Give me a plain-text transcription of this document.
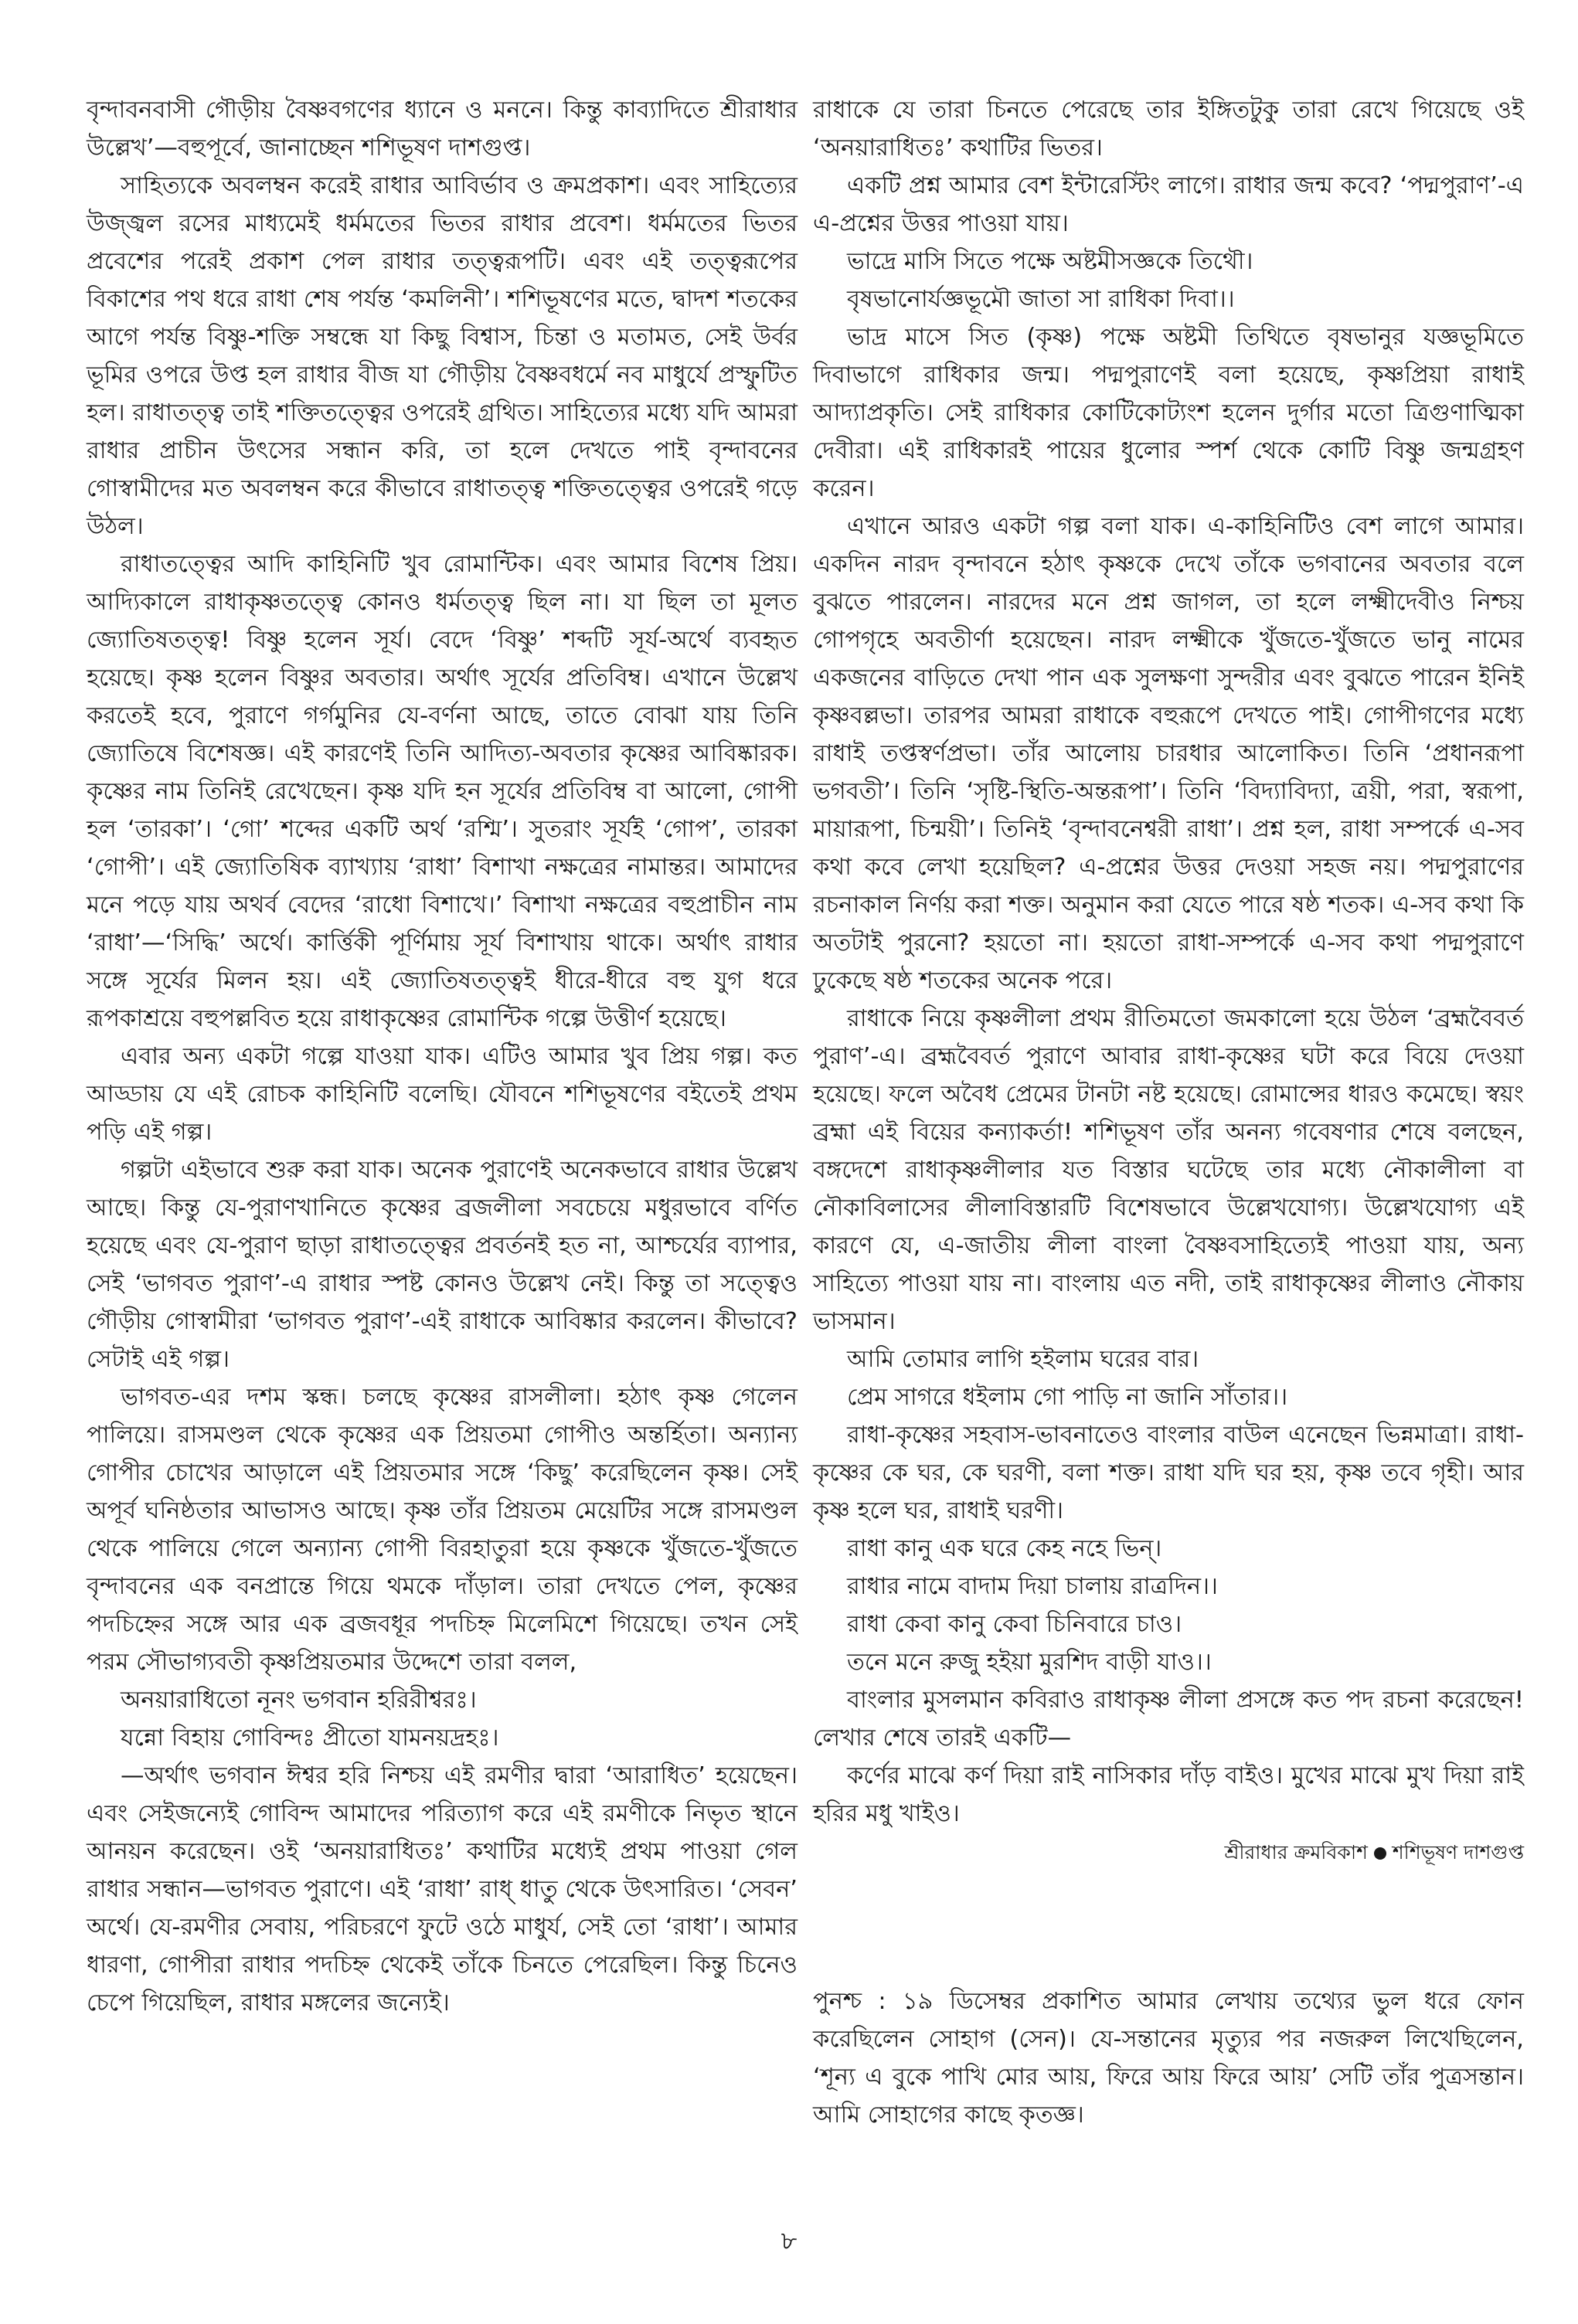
বৃন্দাবনবাসী গৌড়ীয় বৈষ্ণবগণের ধ্যানে ও মননে। কিন্তু কাব্যাদিতে শ্রীরাধার উল্লেখ’—বহুপূর্বে, জানাচ্ছেন শশিভূষণ দাশগুপ্ত।

সাহিত্যকে অবলম্বন করেই রাধার আবির্ভাব ও ক্রমপ্রকাশ। এবং সাহিত্যের উজ্জ্বল রসের মাধ্যমেই ধর্মমতের ভিতর রাধার প্রবেশ। ধর্মমতের ভিতর প্রবেশের পরেই প্রকাশ পেল রাধার তত্ত্বরূপটি। এবং এই তত্ত্বরূপের বিকাশের পথ ধরে রাধা শেষ পর্যন্ত ‘কমলিনী’। শশিভূষণের মতে, দ্বাদশ শতকের আগে পর্যন্ত বিষ্ণু-শক্তি সম্বন্ধে যা কিছু বিশ্বাস, চিন্তা ও মতামত, সেই উর্বর ভূমির ওপরে উপ্ত হল রাধার বীজ যা গৌড়ীয় বৈষ্ণবধর্মে নব মাধুর্যে প্রস্ফুটিত হল। রাধাতত্ত্ব তাই শক্তিতত্ত্বের ওপরেই গ্রথিত। সাহিত্যের মধ্যে যদি আমরা রাধার প্রাচীন উৎসের সন্ধান করি, তা হলে দেখতে পাই বৃন্দাবনের গোস্বামীদের মত অবলম্বন করে কীভাবে রাধাতত্ত্ব শক্তিতত্ত্বের ওপরেই গড়ে উঠল।

রাধাতত্ত্বের আদি কাহিনিটি খুব রোমান্টিক। এবং আমার বিশেষ প্রিয়। আদ্যিকালে রাধাকৃষ্ণতত্ত্বে কোনও ধর্মতত্ত্ব ছিল না। যা ছিল তা মূলত জ্যোতিষতত্ত্ব! বিষ্ণু হলেন সূর্য। বেদে ‘বিষ্ণু’ শব্দটি সূর্য-অর্থে ব্যবহৃত হয়েছে। কৃষ্ণ হলেন বিষ্ণুর অবতার। অর্থাৎ সূর্যের প্রতিবিম্ব। এখানে উল্লেখ করতেই হবে, পুরাণে গর্গমুনির যে-বর্ণনা আছে, তাতে বোঝা যায় তিনি জ্যোতিষে বিশেষজ্ঞ। এই কারণেই তিনি আদিত্য-অবতার কৃষ্ণের আবিষ্কারক। কৃষ্ণের নাম তিনিই রেখেছেন। কৃষ্ণ যদি হন সূর্যের প্রতিবিম্ব বা আলো, গোপী হল ‘তারকা’। ‘গো’ শব্দের একটি অর্থ ‘রশ্মি’। সুতরাং সূর্যই ‘গোপ’, তারকা ‘গোপী’। এই জ্যোতিষিক ব্যাখ্যায় ‘রাধা’ বিশাখা নক্ষত্রের নামান্তর। আমাদের মনে পড়ে যায় অথর্ব বেদের ‘রাধো বিশাখে।’ বিশাখা নক্ষত্রের বহুপ্রাচীন নাম ‘রাধা’—‘সিদ্ধি’ অর্থে। কার্ত্তিকী পূর্ণিমায় সূর্য বিশাখায় থাকে। অর্থাৎ রাধার সঙ্গে সূর্যের মিলন হয়। এই জ্যোতিষতত্ত্বই ধীরে-ধীরে বহু যুগ ধরে রূপকাশ্রয়ে বহুপল্লবিত হয়ে রাধাকৃষ্ণের রোমান্টিক গল্পে উত্তীর্ণ হয়েছে।

এবার অন্য একটা গল্পে যাওয়া যাক। এটিও আমার খুব প্রিয় গল্প। কত আড্ডায় যে এই রোচক কাহিনিটি বলেছি। যৌবনে শশিভূষণের বইতেই প্রথম পড়ি এই গল্প।

গল্পটা এইভাবে শুরু করা যাক। অনেক পুরাণেই অনেকভাবে রাধার উল্লেখ আছে। কিন্তু যে-পুরাণখানিতে কৃষ্ণের ব্রজলীলা সবচেয়ে মধুরভাবে বর্ণিত হয়েছে এবং যে-পুরাণ ছাড়া রাধাতত্ত্বের প্রবর্তনই হত না, আশ্চর্যের ব্যাপার, সেই ‘ভাগবত পুরাণ’-এ রাধার স্পষ্ট কোনও উল্লেখ নেই। কিন্তু তা সত্ত্বেও গৌড়ীয় গোস্বামীরা ‘ভাগবত পুরাণ’-এই রাধাকে আবিষ্কার করলেন। কীভাবে? সেটাই এই গল্প।

ভাগবত-এর দশম স্কন্ধ। চলছে কৃষ্ণের রাসলীলা। হঠাৎ কৃষ্ণ গেলেন পালিয়ে। রাসমণ্ডল থেকে কৃষ্ণের এক প্রিয়তমা গোপীও অন্তর্হিতা। অন্যান্য গোপীর চোখের আড়ালে এই প্রিয়তমার সঙ্গে ‘কিছু’ করেছিলেন কৃষ্ণ। সেই অপূর্ব ঘনিষ্ঠতার আভাসও আছে। কৃষ্ণ তাঁর প্রিয়তম মেয়েটির সঙ্গে রাসমণ্ডল থেকে পালিয়ে গেলে অন্যান্য গোপী বিরহাতুরা হয়ে কৃষ্ণকে খুঁজতে-খুঁজতে বৃন্দাবনের এক বনপ্রান্তে গিয়ে থমকে দাঁড়াল। তারা দেখতে পেল, কৃষ্ণের পদচিহ্নের সঙ্গে আর এক ব্রজবধূর পদচিহ্ন মিলেমিশে গিয়েছে। তখন সেই পরম সৌভাগ্যবতী কৃষ্ণপ্রিয়তমার উদ্দেশে তারা বলল,

অনয়ারাধিতো নূনং ভগবান হরিরীশ্বরঃ।

যন্নো বিহায় গোবিন্দঃ প্রীতো যামনয়দ্রহঃ।

—অর্থাৎ ভগবান ঈশ্বর হরি নিশ্চয় এই রমণীর দ্বারা ‘আরাধিত’ হয়েছেন। এবং সেইজন্যেই গোবিন্দ আমাদের পরিত্যাগ করে এই রমণীকে নিভৃত স্থানে আনয়ন করেছেন। ওই ‘অনয়ারাধিতঃ’ কথাটির মধ্যেই প্রথম পাওয়া গেল রাধার সন্ধান—ভাগবত পুরাণে। এই ‘রাধা’ রাধ্ ধাতু থেকে উৎসারিত। ‘সেবন’ অর্থে। যে-রমণীর সেবায়, পরিচরণে ফুটে ওঠে মাধুর্য, সেই তো ‘রাধা’। আমার ধারণা, গোপীরা রাধার পদচিহ্ন থেকেই তাঁকে চিনতে পেরেছিল। কিন্তু চিনেও চেপে গিয়েছিল, রাধার মঙ্গলের জন্যেই।

রাধাকে যে তারা চিনতে পেরেছে তার ইঙ্গিতটুকু তারা রেখে গিয়েছে ওই ‘অনয়ারাধিতঃ’ কথাটির ভিতর।

একটি প্রশ্ন আমার বেশ ইন্টারেস্টিং লাগে। রাধার জন্ম কবে? ‘পদ্মপুরাণ’-এ এ-প্রশ্নের উত্তর পাওয়া যায়।

ভাদ্রে মাসি সিতে পক্ষে অষ্টমীসজ্ঞকে তিথৌ।

বৃষভানোর্যজ্ঞভূমৌ জাতা সা রাধিকা দিবা।।

ভাদ্র মাসে সিত (কৃষ্ণ) পক্ষে অষ্টমী তিথিতে বৃষভানুর যজ্ঞভূমিতে দিবাভাগে রাধিকার জন্ম। পদ্মপুরাণেই বলা হয়েছে, কৃষ্ণপ্রিয়া রাধাই আদ্যাপ্রকৃতি। সেই রাধিকার কোটিকোট্যংশ হলেন দুর্গার মতো ত্রিগুণাত্মিকা দেবীরা। এই রাধিকারই পায়ের ধুলোর স্পর্শ থেকে কোটি বিষ্ণু জন্মগ্রহণ করেন।

এখানে আরও একটা গল্প বলা যাক। এ-কাহিনিটিও বেশ লাগে আমার। একদিন নারদ বৃন্দাবনে হঠাৎ কৃষ্ণকে দেখে তাঁকে ভগবানের অবতার বলে বুঝতে পারলেন। নারদের মনে প্রশ্ন জাগল, তা হলে লক্ষ্মীদেবীও নিশ্চয় গোপগৃহে অবতীর্ণা হয়েছেন। নারদ লক্ষ্মীকে খুঁজতে-খুঁজতে ভানু নামের একজনের বাড়িতে দেখা পান এক সুলক্ষণা সুন্দরীর এবং বুঝতে পারেন ইনিই কৃষ্ণবল্লভা। তারপর আমরা রাধাকে বহুরূপে দেখতে পাই। গোপীগণের মধ্যে রাধাই তপ্তস্বর্ণপ্রভা। তাঁর আলোয় চারধার আলোকিত। তিনি ‘প্রধানরূপা ভগবতী’। তিনি ‘সৃষ্টি-স্থিতি-অন্তরূপা’। তিনি ‘বিদ্যাবিদ্যা, ত্রয়ী, পরা, স্বরূপা, মায়ারূপা, চিন্ময়ী’। তিনিই ‘বৃন্দাবনেশ্বরী রাধা’। প্রশ্ন হল, রাধা সম্পর্কে এ-সব কথা কবে লেখা হয়েছিল? এ-প্রশ্নের উত্তর দেওয়া সহজ নয়। পদ্মপুরাণের রচনাকাল নির্ণয় করা শক্ত। অনুমান করা যেতে পারে ষষ্ঠ শতক। এ-সব কথা কি অতটাই পুরনো? হয়তো না। হয়তো রাধা-সম্পর্কে এ-সব কথা পদ্মপুরাণে ঢুকেছে ষষ্ঠ শতকের অনেক পরে।

রাধাকে নিয়ে কৃষ্ণলীলা প্রথম রীতিমতো জমকালো হয়ে উঠল ‘ব্রহ্মবৈবর্ত পুরাণ’-এ। ব্রহ্মবৈবর্ত পুরাণে আবার রাধা-কৃষ্ণের ঘটা করে বিয়ে দেওয়া হয়েছে। ফলে অবৈধ প্রেমের টানটা নষ্ট হয়েছে। রোমান্সের ধারও কমেছে। স্বয়ং ব্রহ্মা এই বিয়ের কন্যাকর্তা! শশিভূষণ তাঁর অনন্য গবেষণার শেষে বলছেন, বঙ্গদেশে রাধাকৃষ্ণলীলার যত বিস্তার ঘটেছে তার মধ্যে নৌকালীলা বা নৌকাবিলাসের লীলাবিস্তারটি বিশেষভাবে উল্লেখযোগ্য। উল্লেখযোগ্য এই কারণে যে, এ-জাতীয় লীলা বাংলা বৈষ্ণবসাহিত্যেই পাওয়া যায়, অন্য সাহিত্যে পাওয়া যায় না। বাংলায় এত নদী, তাই রাধাকৃষ্ণের লীলাও নৌকায় ভাসমান।

আমি তোমার লাগি হইলাম ঘরের বার।

প্রেম সাগরে ধইলাম গো পাড়ি না জানি সাঁতার।।

রাধা-কৃষ্ণের সহবাস-ভাবনাতেও বাংলার বাউল এনেছেন ভিন্নমাত্রা। রাধা-কৃষ্ণের কে ঘর, কে ঘরণী, বলা শক্ত। রাধা যদি ঘর হয়, কৃষ্ণ তবে গৃহী। আর কৃষ্ণ হলে ঘর, রাধাই ঘরণী।

রাধা কানু এক ঘরে কেহ নহে ভিন্।

রাধার নামে বাদাম দিয়া চালায় রাত্রদিন।।

রাধা কেবা কানু কেবা চিনিবারে চাও।

তনে মনে রুজু হইয়া মুরশিদ বাড়ী যাও।।

বাংলার মুসলমান কবিরাও রাধাকৃষ্ণ লীলা প্রসঙ্গে কত পদ রচনা করেছেন! লেখার শেষে তারই একটি—

কর্ণের মাঝে কর্ণ দিয়া রাই নাসিকার দাঁড় বাইও। মুখের মাঝে মুখ দিয়া রাই হরির মধু খাইও।

শ্রীরাধার ক্রমবিকাশ শশিভূষণ দাশগুপ্ত

পুনশ্চ : ১৯ ডিসেম্বর প্রকাশিত আমার লেখায় তথ্যের ভুল ধরে ফোন করেছিলেন সোহাগ (সেন)। যে-সন্তানের মৃত্যুর পর নজরুল লিখেছিলেন, ‘শূন্য এ বুকে পাখি মোর আয়, ফিরে আয় ফিরে আয়’ সেটি তাঁর পুত্রসন্তান। আমি সোহাগের কাছে কৃতজ্ঞ।

৮
